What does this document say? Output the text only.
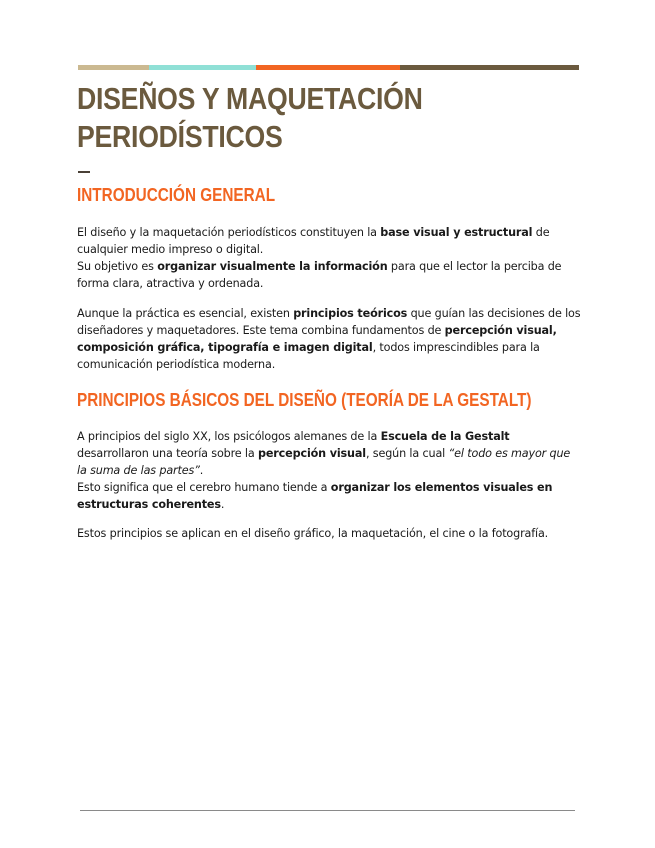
DISEÑOS Y MAQUETACIÓN PERIODÍSTICOS
INTRODUCCIÓN GENERAL

El diseño y la maquetación periodísticos constituyen la base visual y estructural de cualquier medio impreso o digital.
Su objetivo es organizar visualmente la información para que el lector la perciba de forma clara, atractiva y ordenada.

Aunque la práctica es esencial, existen principios teóricos que guían las decisiones de los diseñadores y maquetadores. Este tema combina fundamentos de percepción visual, composición gráfica, tipografía e imagen digital, todos imprescindibles para la comunicación periodística moderna.

PRINCIPIOS BÁSICOS DEL DISEÑO (TEORÍA DE LA GESTALT)

A principios del siglo XX, los psicólogos alemanes de la Escuela de la Gestalt desarrollaron una teoría sobre la percepción visual, según la cual “el todo es mayor que la suma de las partes”.
Esto significa que el cerebro humano tiende a organizar los elementos visuales en estructuras coherentes.

Estos principios se aplican en el diseño gráfico, la maquetación, el cine o la fotografía.
